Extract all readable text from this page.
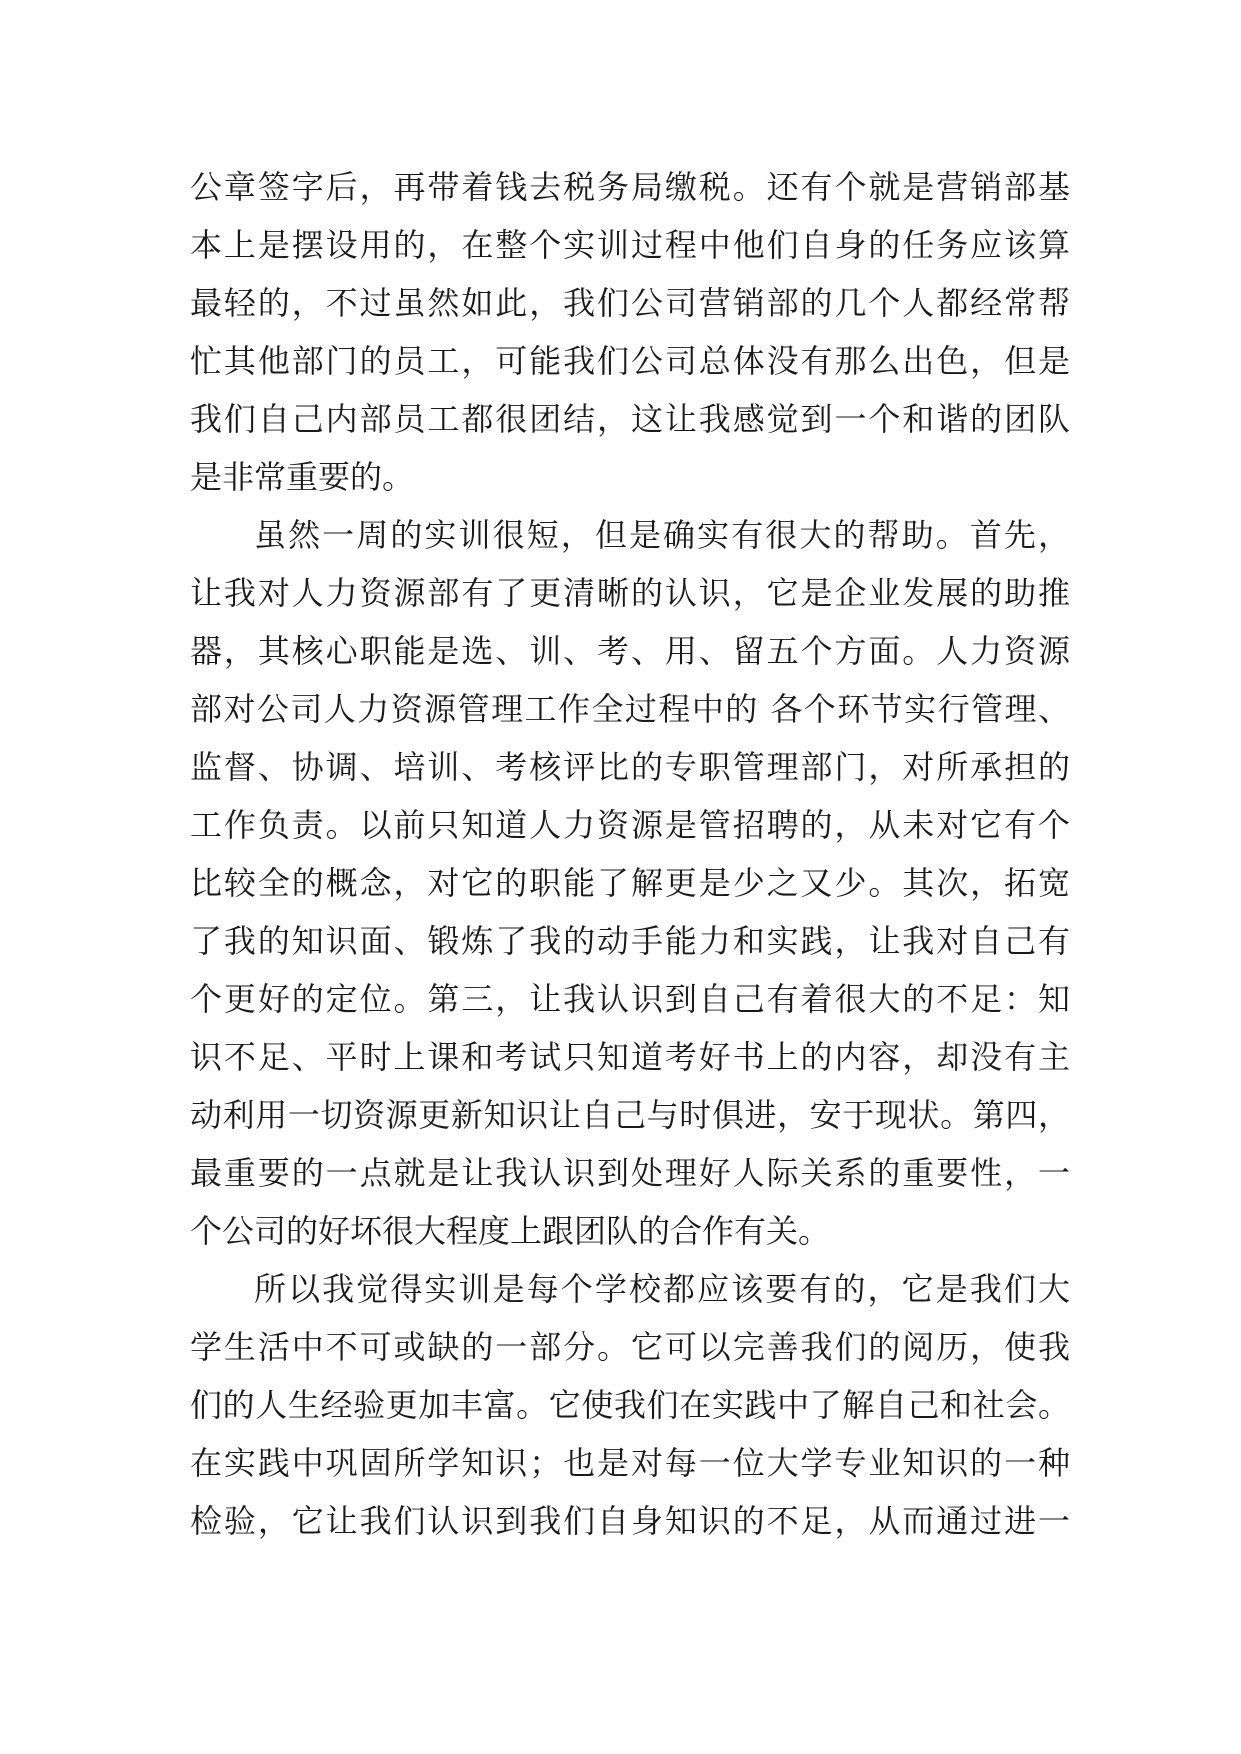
公章签字后，再带着钱去税务局缴税。还有个就是营销部基
本上是摆设用的，在整个实训过程中他们自身的任务应该算
最轻的，不过虽然如此，我们公司营销部的几个人都经常帮
忙其他部门的员工，可能我们公司总体没有那么出色，但是
我们自己内部员工都很团结，这让我感觉到一个和谐的团队
是非常重要的。
虽然一周的实训很短，但是确实有很大的帮助。首先，
让我对人力资源部有了更清晰的认识，它是企业发展的助推
器，其核心职能是选、训、考、用、留五个方面。人力资源
部对公司人力资源管理工作全过程中的 各个环节实行管理、
监督、协调、培训、考核评比的专职管理部门，对所承担的
工作负责。以前只知道人力资源是管招聘的，从未对它有个
比较全的概念，对它的职能了解更是少之又少。其次，拓宽
了我的知识面、锻炼了我的动手能力和实践，让我对自己有
个更好的定位。第三，让我认识到自己有着很大的不足：知
识不足、平时上课和考试只知道考好书上的内容，却没有主
动利用一切资源更新知识让自己与时俱进，安于现状。第四，
最重要的一点就是让我认识到处理好人际关系的重要性，一
个公司的好坏很大程度上跟团队的合作有关。
所以我觉得实训是每个学校都应该要有的，它是我们大
学生活中不可或缺的一部分。它可以完善我们的阅历，使我
们的人生经验更加丰富。它使我们在实践中了解自己和社会。
在实践中巩固所学知识；也是对每一位大学专业知识的一种
检验，它让我们认识到我们自身知识的不足，从而通过进一
